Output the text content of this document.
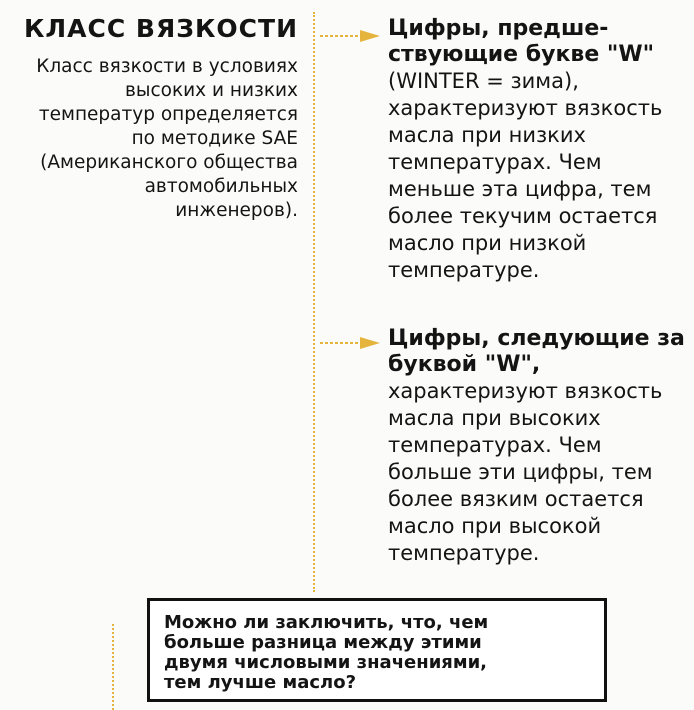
КЛАСС ВЯЗКОСТИ

Класс вязкости в условиях
высоких и низких
температур определяется
по методике SAE
(Американского общества
автомобильных
инженеров).

Цифры, предше-
ствующие букве "W"
(WINTER = зима),
характеризуют вязкость
масла при низких
температурах. Чем
меньше эта цифра, тем
более текучим остается
масло при низкой
температуре.
Цифры, следующие за
буквой "W",
характеризуют вязкость
масла при высоких
температурах. Чем
больше эти цифры, тем
более вязким остается
масло при высокой
температуре.
Можно ли заключить, что, чем
больше разница между этими
двумя числовыми значениями,
тем лучше масло?
